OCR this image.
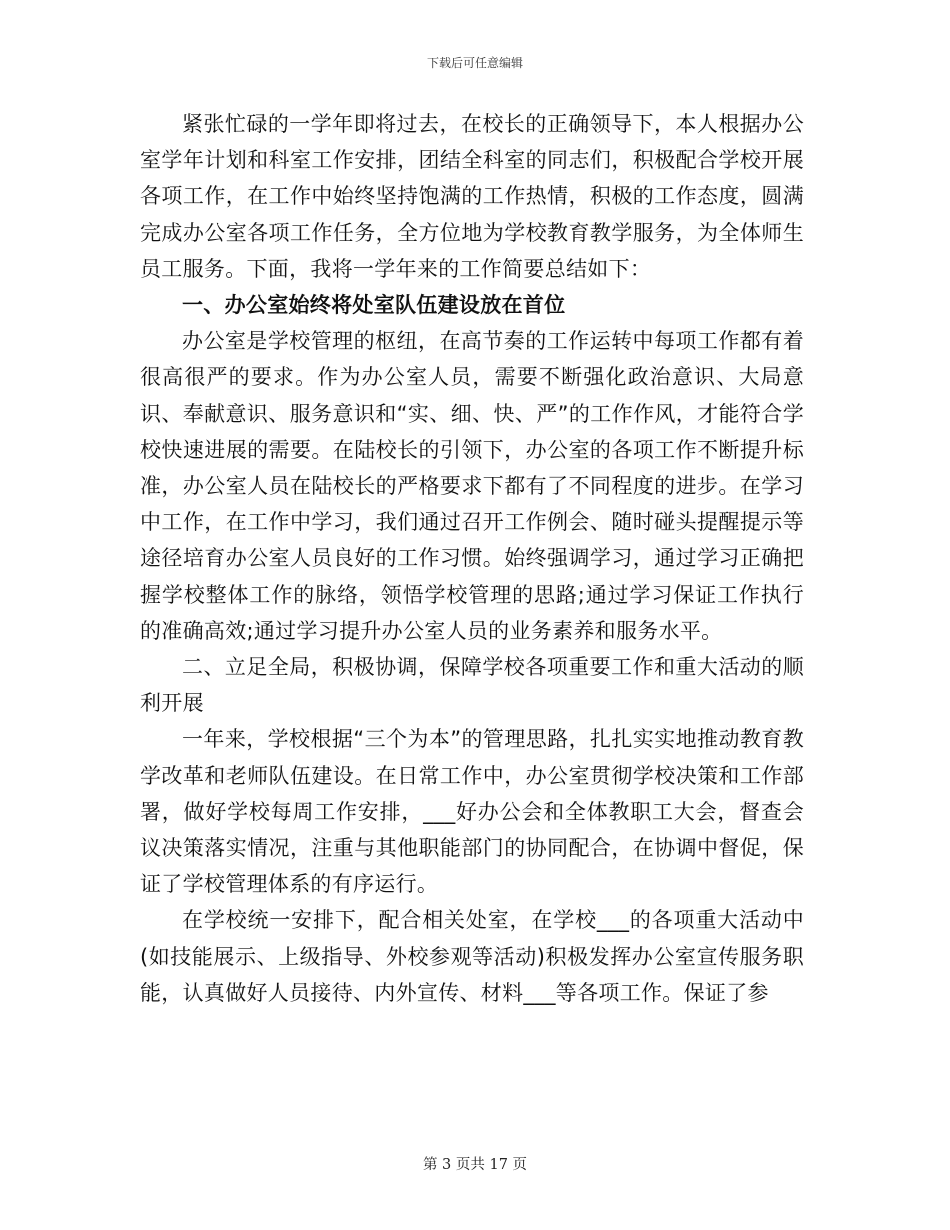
下载后可任意编辑

紧张忙碌的一学年即将过去，在校长的正确领导下，本人根据办公室学年计划和科室工作安排，团结全科室的同志们，积极配合学校开展各项工作，在工作中始终坚持饱满的工作热情，积极的工作态度，圆满完成办公室各项工作任务，全方位地为学校教育教学服务，为全体师生员工服务。下面，我将一学年来的工作简要总结如下：

一、办公室始终将处室队伍建设放在首位

办公室是学校管理的枢纽，在高节奏的工作运转中每项工作都有着很高很严的要求。作为办公室人员，需要不断强化政治意识、大局意识、奉献意识、服务意识和“实、细、快、严”的工作作风，才能符合学校快速进展的需要。在陆校长的引领下，办公室的各项工作不断提升标准，办公室人员在陆校长的严格要求下都有了不同程度的进步。在学习中工作，在工作中学习，我们通过召开工作例会、随时碰头提醒提示等途径培育办公室人员良好的工作习惯。始终强调学习，通过学习正确把握学校整体工作的脉络，领悟学校管理的思路;通过学习保证工作执行的准确高效;通过学习提升办公室人员的业务素养和服务水平。

二、立足全局，积极协调，保障学校各项重要工作和重大活动的顺利开展

一年来，学校根据“三个为本”的管理思路，扎扎实实地推动教育教学改革和老师队伍建设。在日常工作中，办公室贯彻学校决策和工作部署，做好学校每周工作安排，___好办公会和全体教职工大会，督查会议决策落实情况，注重与其他职能部门的协同配合，在协调中督促，保证了学校管理体系的有序运行。

在学校统一安排下，配合相关处室，在学校___的各项重大活动中(如技能展示、上级指导、外校参观等活动)积极发挥办公室宣传服务职能，认真做好人员接待、内外宣传、材料___等各项工作。保证了参

第 3 页共 17 页
